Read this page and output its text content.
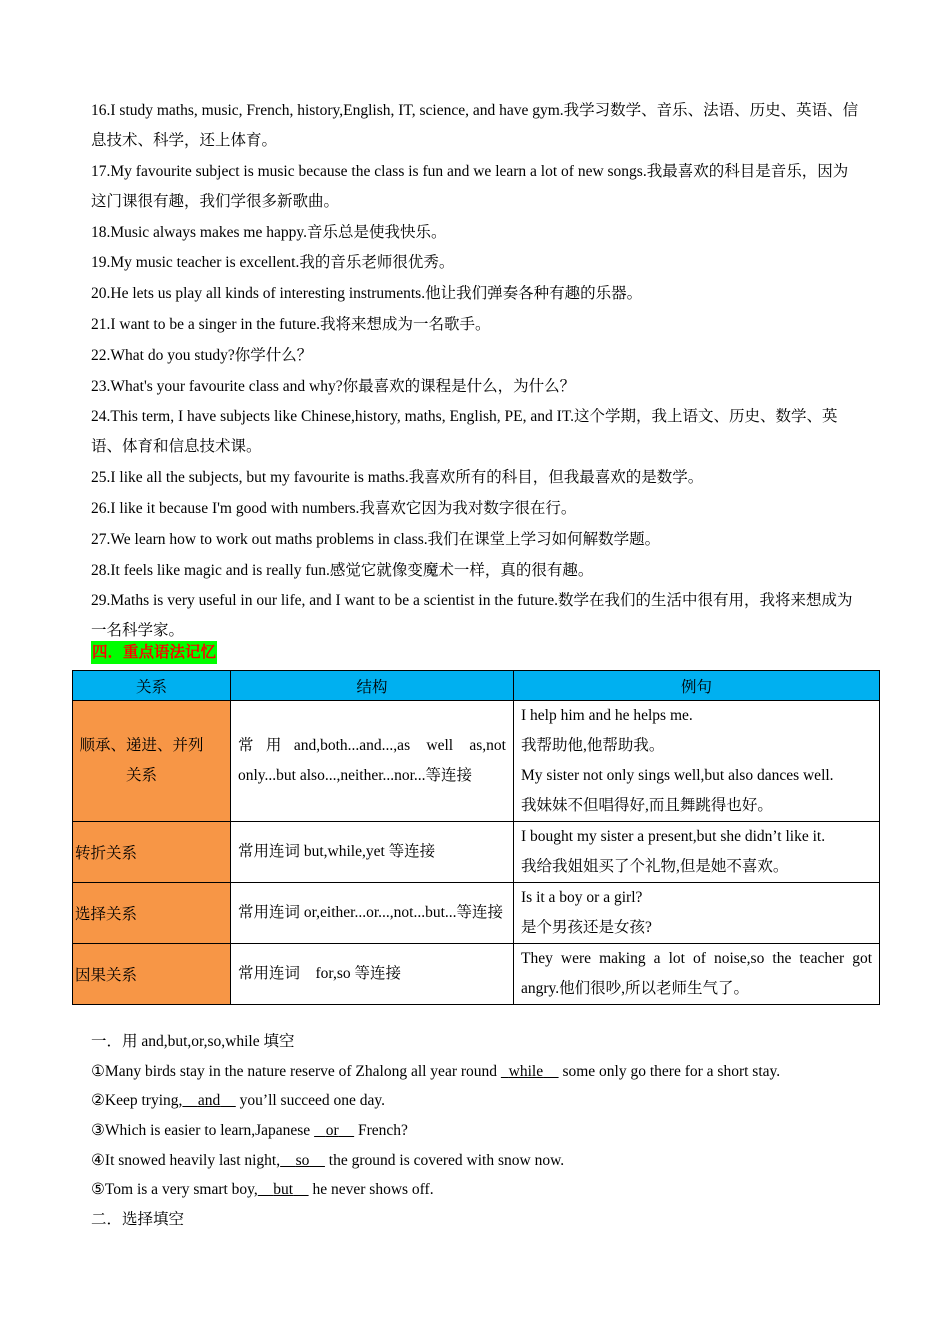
16.I study maths, music, French, history,English, IT, science, and have gym.我学习数学、音乐、法语、历史、英语、信息技术、科学，还上体育。
17.My favourite subject is music because the class is fun and we learn a lot of new songs.我最喜欢的科目是音乐，因为这门课很有趣，我们学很多新歌曲。
18.Music always makes me happy.音乐总是使我快乐。
19.My music teacher is excellent.我的音乐老师很优秀。
20.He lets us play all kinds of interesting instruments.他让我们弹奏各种有趣的乐器。
21.I want to be a singer in the future.我将来想成为一名歌手。
22.What do you study?你学什么？
23.What's your favourite class and why?你最喜欢的课程是什么，为什么？
24.This term, I have subjects like Chinese,history, maths, English, PE, and IT.这个学期，我上语文、历史、数学、英语、体育和信息技术课。
25.I like all the subjects, but my favourite is maths.我喜欢所有的科目，但我最喜欢的是数学。
26.I like it because I'm good with numbers.我喜欢它因为我对数字很在行。
27.We learn how to work out maths problems in class.我们在课堂上学习如何解数学题。
28.It feels like magic and is really fun.感觉它就像变魔术一样，真的很有趣。
29.Maths is very useful in our life, and I want to be a scientist in the future.数学在我们的生活中很有用，我将来想成为一名科学家。
四．重点语法记忆
关系	结构	例句
顺承、递进、并列关系	常用and,both...and...,as well as,not only...but also...,neither...nor...等连接	I help him and he helps me.
我帮助他,他帮助我。
My sister not only sings well,but also dances well.
我妹妹不但唱得好,而且舞跳得也好。

转折关系	常用连词 but,while,yet 等连接	I bought my sister a present,but she didn’t like it.
我给我姐姐买了个礼物,但是她不喜欢。

选择关系	常用连词 or,either...or...,not...but...等连接	Is it a boy or a girl?
是个男孩还是女孩?

因果关系	常用连词　for,so 等连接	They were making a lot of noise,so the teacher got angry.他们很吵,所以老师生气了。
一．用 and,but,or,so,while 填空
①Many birds stay in the nature reserve of Zhalong all year round   while some only go there for a short stay.
②Keep trying, and you’ll succeed one day.
③Which is easier to learn,Japanese    or French?
④It snowed heavily last night, so the ground is covered with snow now.
⑤Tom is a very smart boy, but he never shows off.
二．选择填空
